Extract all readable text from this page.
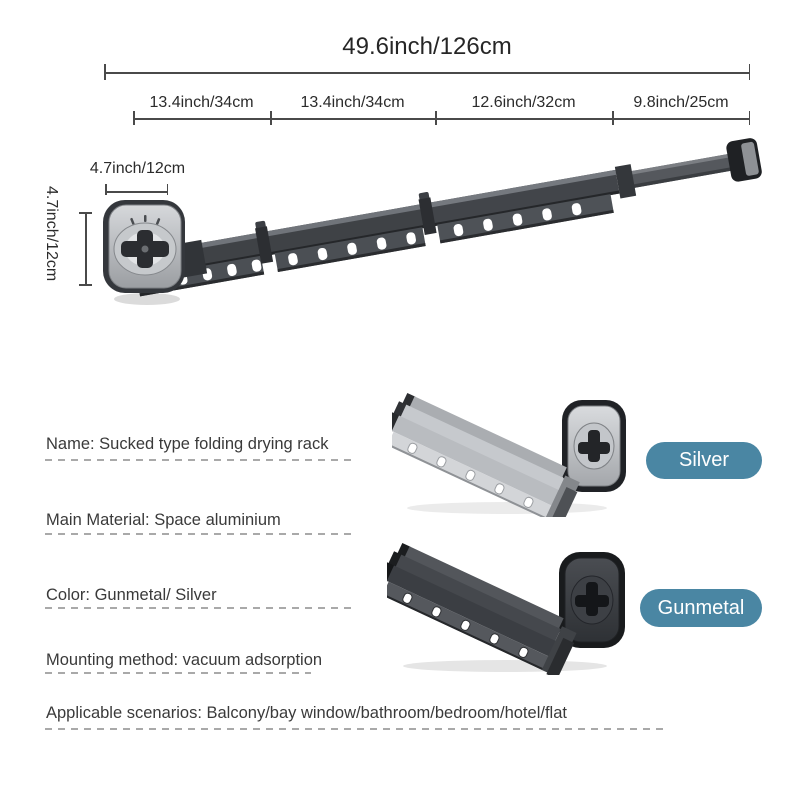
49.6inch/126cm
13.4inch/34cm	13.4inch/34cm	12.6inch/32cm	9.8inch/25cm
4.7inch/12cm
4.7inch/12cm
Name: Sucked type folding drying rack
Main Material: Space aluminium
Color: Gunmetal/ Silver
Mounting method: vacuum adsorption
Applicable scenarios: Balcony/bay window/bathroom/bedroom/hotel/flat
Silver
Gunmetal
